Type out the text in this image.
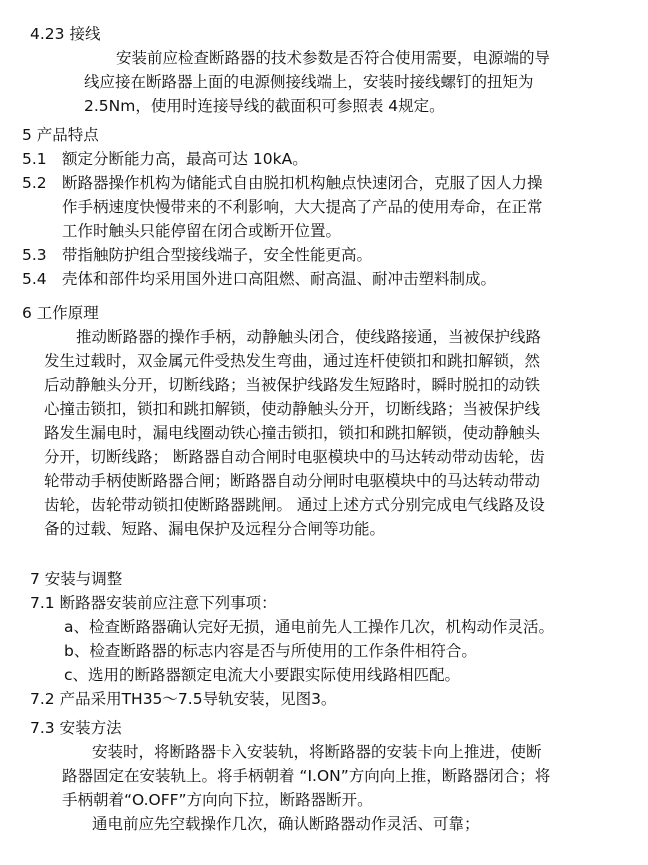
4.23 接线
安装前应检查断路器的技术参数是否符合使用需要，电源端的导
线应接在断路器上面的电源侧接线端上，安装时接线螺钉的扭矩为
2.5Nm，使用时连接导线的截面积可参照表 4规定。
5 产品特点
5.1 额定分断能力高，最高可达 10kA。
5.2 断路器操作机构为储能式自由脱扣机构触点快速闭合，克服了因人力操
作手柄速度快慢带来的不利影响，大大提高了产品的使用寿命，在正常
工作时触头只能停留在闭合或断开位置。
5.3 带指触防护组合型接线端子，安全性能更高。
5.4 壳体和部件均采用国外进口高阻燃、耐高温、耐冲击塑料制成。
6 工作原理
推动断路器的操作手柄，动静触头闭合，使线路接通，当被保护线路
发生过载时，双金属元件受热发生弯曲，通过连杆使锁扣和跳扣解锁，然
后动静触头分开，切断线路；当被保护线路发生短路时，瞬时脱扣的动铁
心撞击锁扣，锁扣和跳扣解锁，使动静触头分开，切断线路；当被保护线
路发生漏电时，漏电线圈动铁心撞击锁扣，锁扣和跳扣解锁，使动静触头
分开，切断线路； 断路器自动合闸时电驱模块中的马达转动带动齿轮，齿
轮带动手柄使断路器合闸；断路器自动分闸时电驱模块中的马达转动带动
齿轮，齿轮带动锁扣使断路器跳闸。 通过上述方式分别完成电气线路及设
备的过载、短路、漏电保护及远程分合闸等功能。
7 安装与调整
7.1 断路器安装前应注意下列事项：
a、检查断路器确认完好无损，通电前先人工操作几次，机构动作灵活。
b、检查断路器的标志内容是否与所使用的工作条件相符合。
c、选用的断路器额定电流大小要跟实际使用线路相匹配。
7.2 产品采用TH35～7.5导轨安装，见图3。
7.3 安装方法
安装时，将断路器卡入安装轨，将断路器的安装卡向上推进，使断
路器固定在安装轨上。将手柄朝着 “I.ON”方向向上推，断路器闭合；将
手柄朝着“O.OFF”方向向下拉，断路器断开。
通电前应先空载操作几次，确认断路器动作灵活、可靠；
